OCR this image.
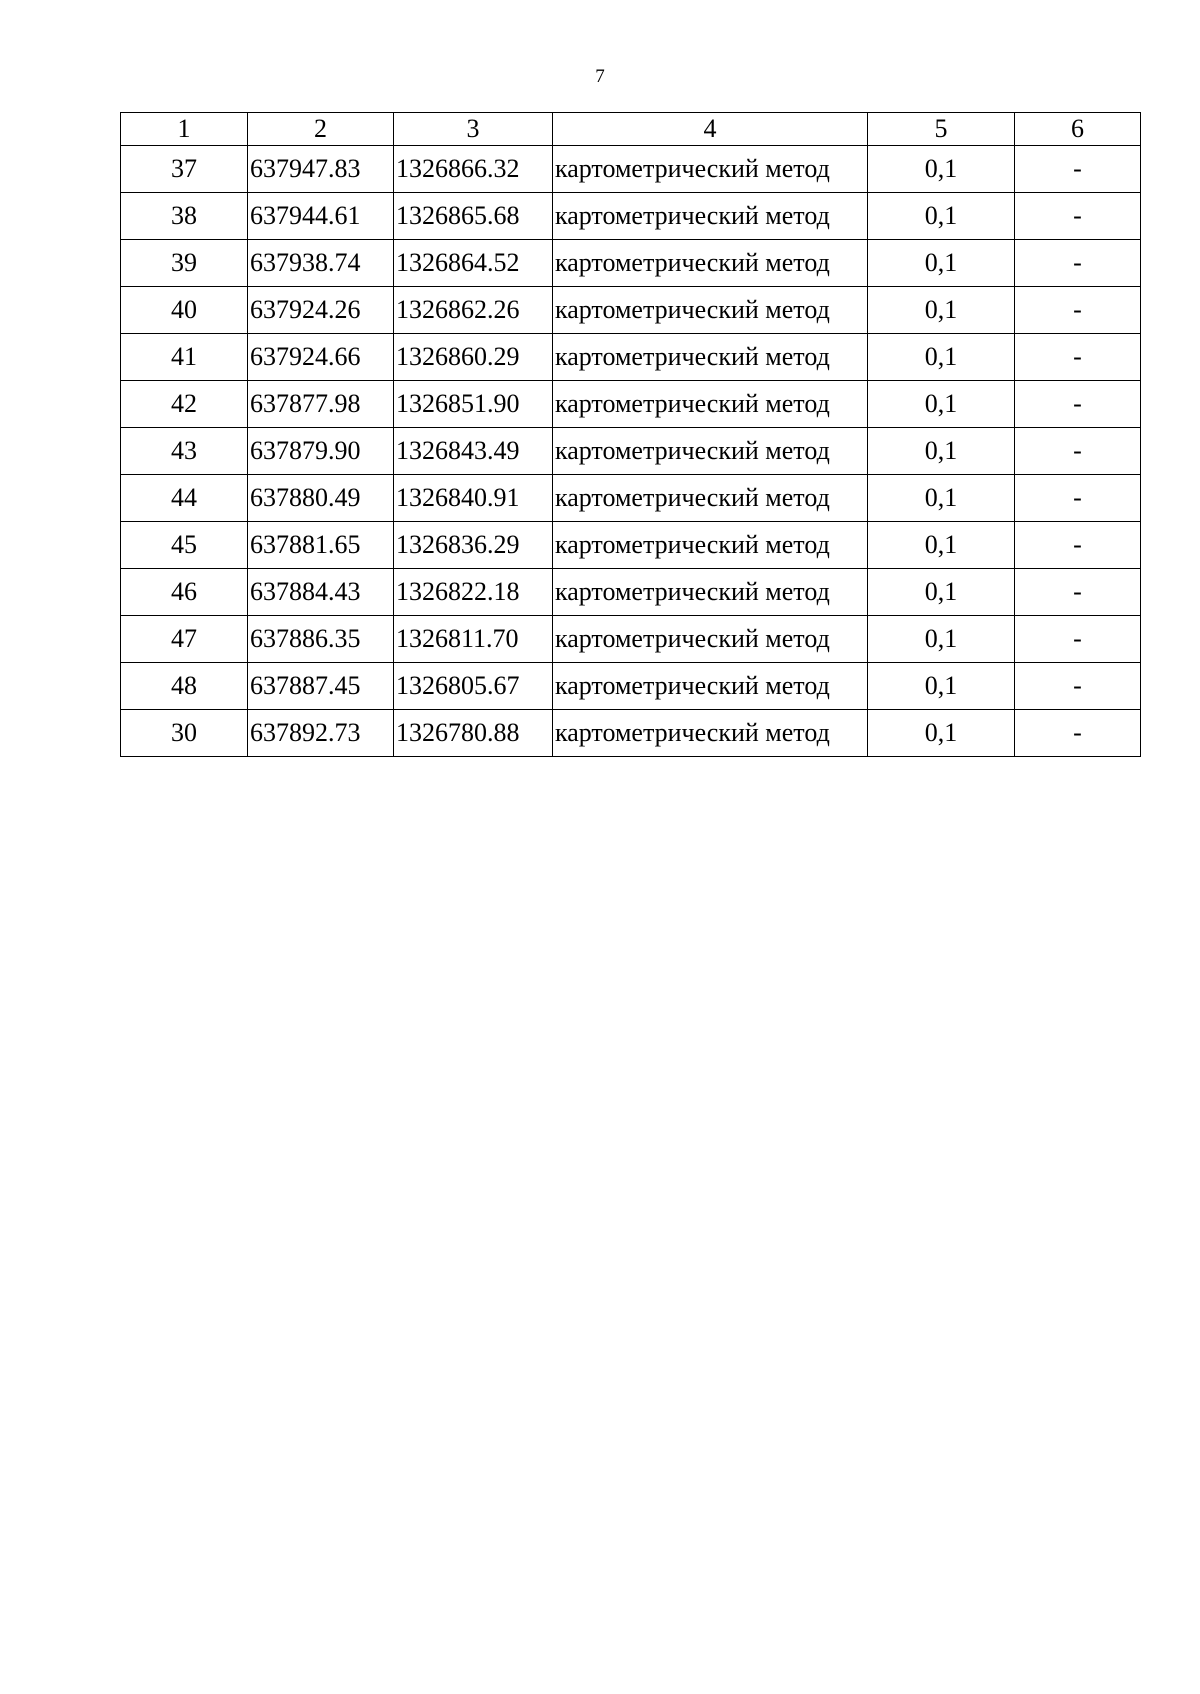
7
1	2	3	4	5	6
37	637947.83	1326866.32	картометрический метод	0,1	-
38	637944.61	1326865.68	картометрический метод	0,1	-
39	637938.74	1326864.52	картометрический метод	0,1	-
40	637924.26	1326862.26	картометрический метод	0,1	-
41	637924.66	1326860.29	картометрический метод	0,1	-
42	637877.98	1326851.90	картометрический метод	0,1	-
43	637879.90	1326843.49	картометрический метод	0,1	-
44	637880.49	1326840.91	картометрический метод	0,1	-
45	637881.65	1326836.29	картометрический метод	0,1	-
46	637884.43	1326822.18	картометрический метод	0,1	-
47	637886.35	1326811.70	картометрический метод	0,1	-
48	637887.45	1326805.67	картометрический метод	0,1	-
30	637892.73	1326780.88	картометрический метод	0,1	-
